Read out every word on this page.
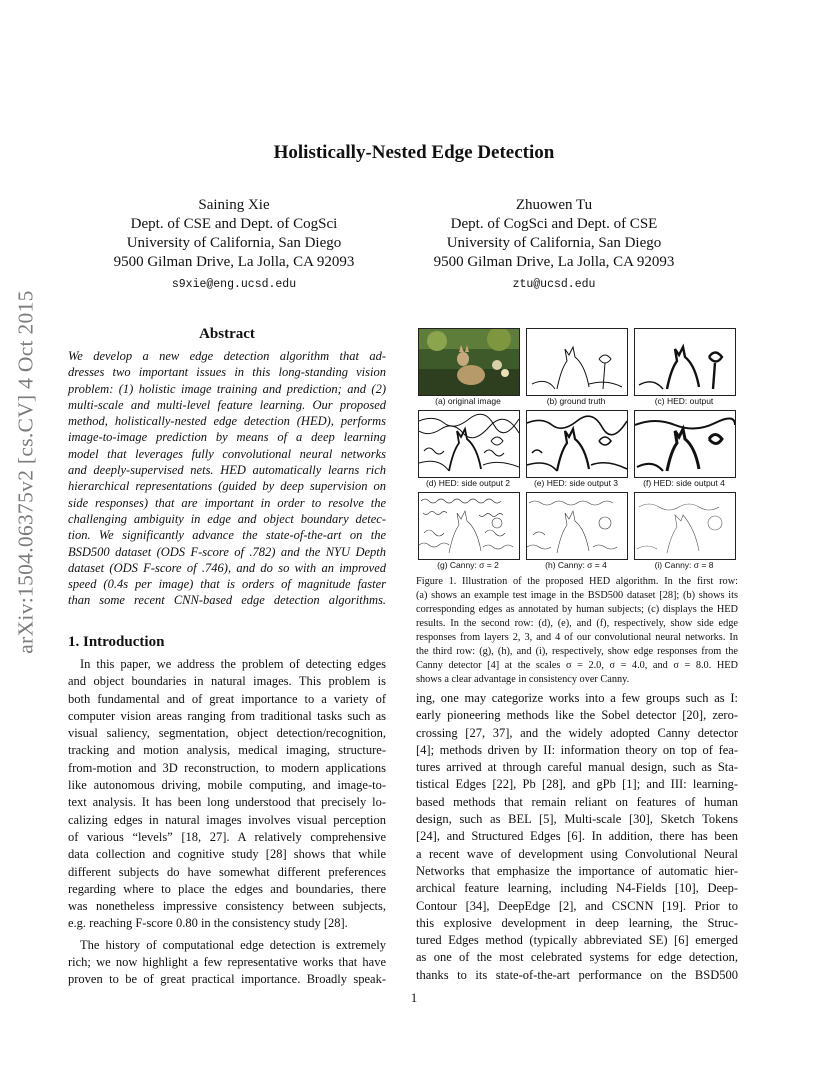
Holistically-Nested Edge Detection
arXiv:1504.06375v2 [cs.CV] 4 Oct 2015
Saining Xie
Dept. of CSE and Dept. of CogSci
University of California, San Diego
9500 Gilman Drive, La Jolla, CA 92093
s9xie@eng.ucsd.edu
Zhuowen Tu
Dept. of CogSci and Dept. of CSE
University of California, San Diego
9500 Gilman Drive, La Jolla, CA 92093
ztu@ucsd.edu
Abstract
We develop a new edge detection algorithm that ad-
dresses two important issues in this long-standing vision
problem: (1) holistic image training and prediction; and (2)
multi-scale and multi-level feature learning. Our proposed
method, holistically-nested edge detection (HED), performs
image-to-image prediction by means of a deep learning
model that leverages fully convolutional neural networks
and deeply-supervised nets. HED automatically learns rich
hierarchical representations (guided by deep supervision on
side responses) that are important in order to resolve the
challenging ambiguity in edge and object boundary detec-
tion. We significantly advance the state-of-the-art on the
BSD500 dataset (ODS F-score of .782) and the NYU Depth
dataset (ODS F-score of .746), and do so with an improved
speed (0.4s per image) that is orders of magnitude faster
than some recent CNN-based edge detection algorithms.
1. Introduction
In this paper, we address the problem of detecting edges
and object boundaries in natural images. This problem is
both fundamental and of great importance to a variety of
computer vision areas ranging from traditional tasks such as
visual saliency, segmentation, object detection/recognition,
tracking and motion analysis, medical imaging, structure-
from-motion and 3D reconstruction, to modern applications
like autonomous driving, mobile computing, and image-to-
text analysis. It has been long understood that precisely lo-
calizing edges in natural images involves visual perception
of various “levels” [18, 27]. A relatively comprehensive
data collection and cognitive study [28] shows that while
different subjects do have somewhat different preferences
regarding where to place the edges and boundaries, there
was nonetheless impressive consistency between subjects,
e.g. reaching F-score 0.80 in the consistency study [28].
The history of computational edge detection is extremely
rich; we now highlight a few representative works that have
proven to be of great practical importance. Broadly speak-
(a) original image	(b) ground truth	(c) HED: output
(d) HED: side output 2	(e) HED: side output 3	(f) HED: side output 4
(g) Canny: σ = 2	(h) Canny: σ = 4	(i) Canny: σ = 8
Figure 1. Illustration of the proposed HED algorithm. In the first row:
(a) shows an example test image in the BSD500 dataset [28]; (b) shows its
corresponding edges as annotated by human subjects; (c) displays the HED
results. In the second row: (d), (e), and (f), respectively, show side edge
responses from layers 2, 3, and 4 of our convolutional neural networks. In
the third row: (g), (h), and (i), respectively, show edge responses from the
Canny detector [4] at the scales σ = 2.0, σ = 4.0, and σ = 8.0. HED
shows a clear advantage in consistency over Canny.
ing, one may categorize works into a few groups such as I:
early pioneering methods like the Sobel detector [20], zero-
crossing [27, 37], and the widely adopted Canny detector
[4]; methods driven by II: information theory on top of fea-
tures arrived at through careful manual design, such as Sta-
tistical Edges [22], Pb [28], and gPb [1]; and III: learning-
based methods that remain reliant on features of human
design, such as BEL [5], Multi-scale [30], Sketch Tokens
[24], and Structured Edges [6]. In addition, there has been
a recent wave of development using Convolutional Neural
Networks that emphasize the importance of automatic hier-
archical feature learning, including N4-Fields [10], Deep-
Contour [34], DeepEdge [2], and CSCNN [19]. Prior to
this explosive development in deep learning, the Struc-
tured Edges method (typically abbreviated SE) [6] emerged
as one of the most celebrated systems for edge detection,
thanks to its state-of-the-art performance on the BSD500
1
